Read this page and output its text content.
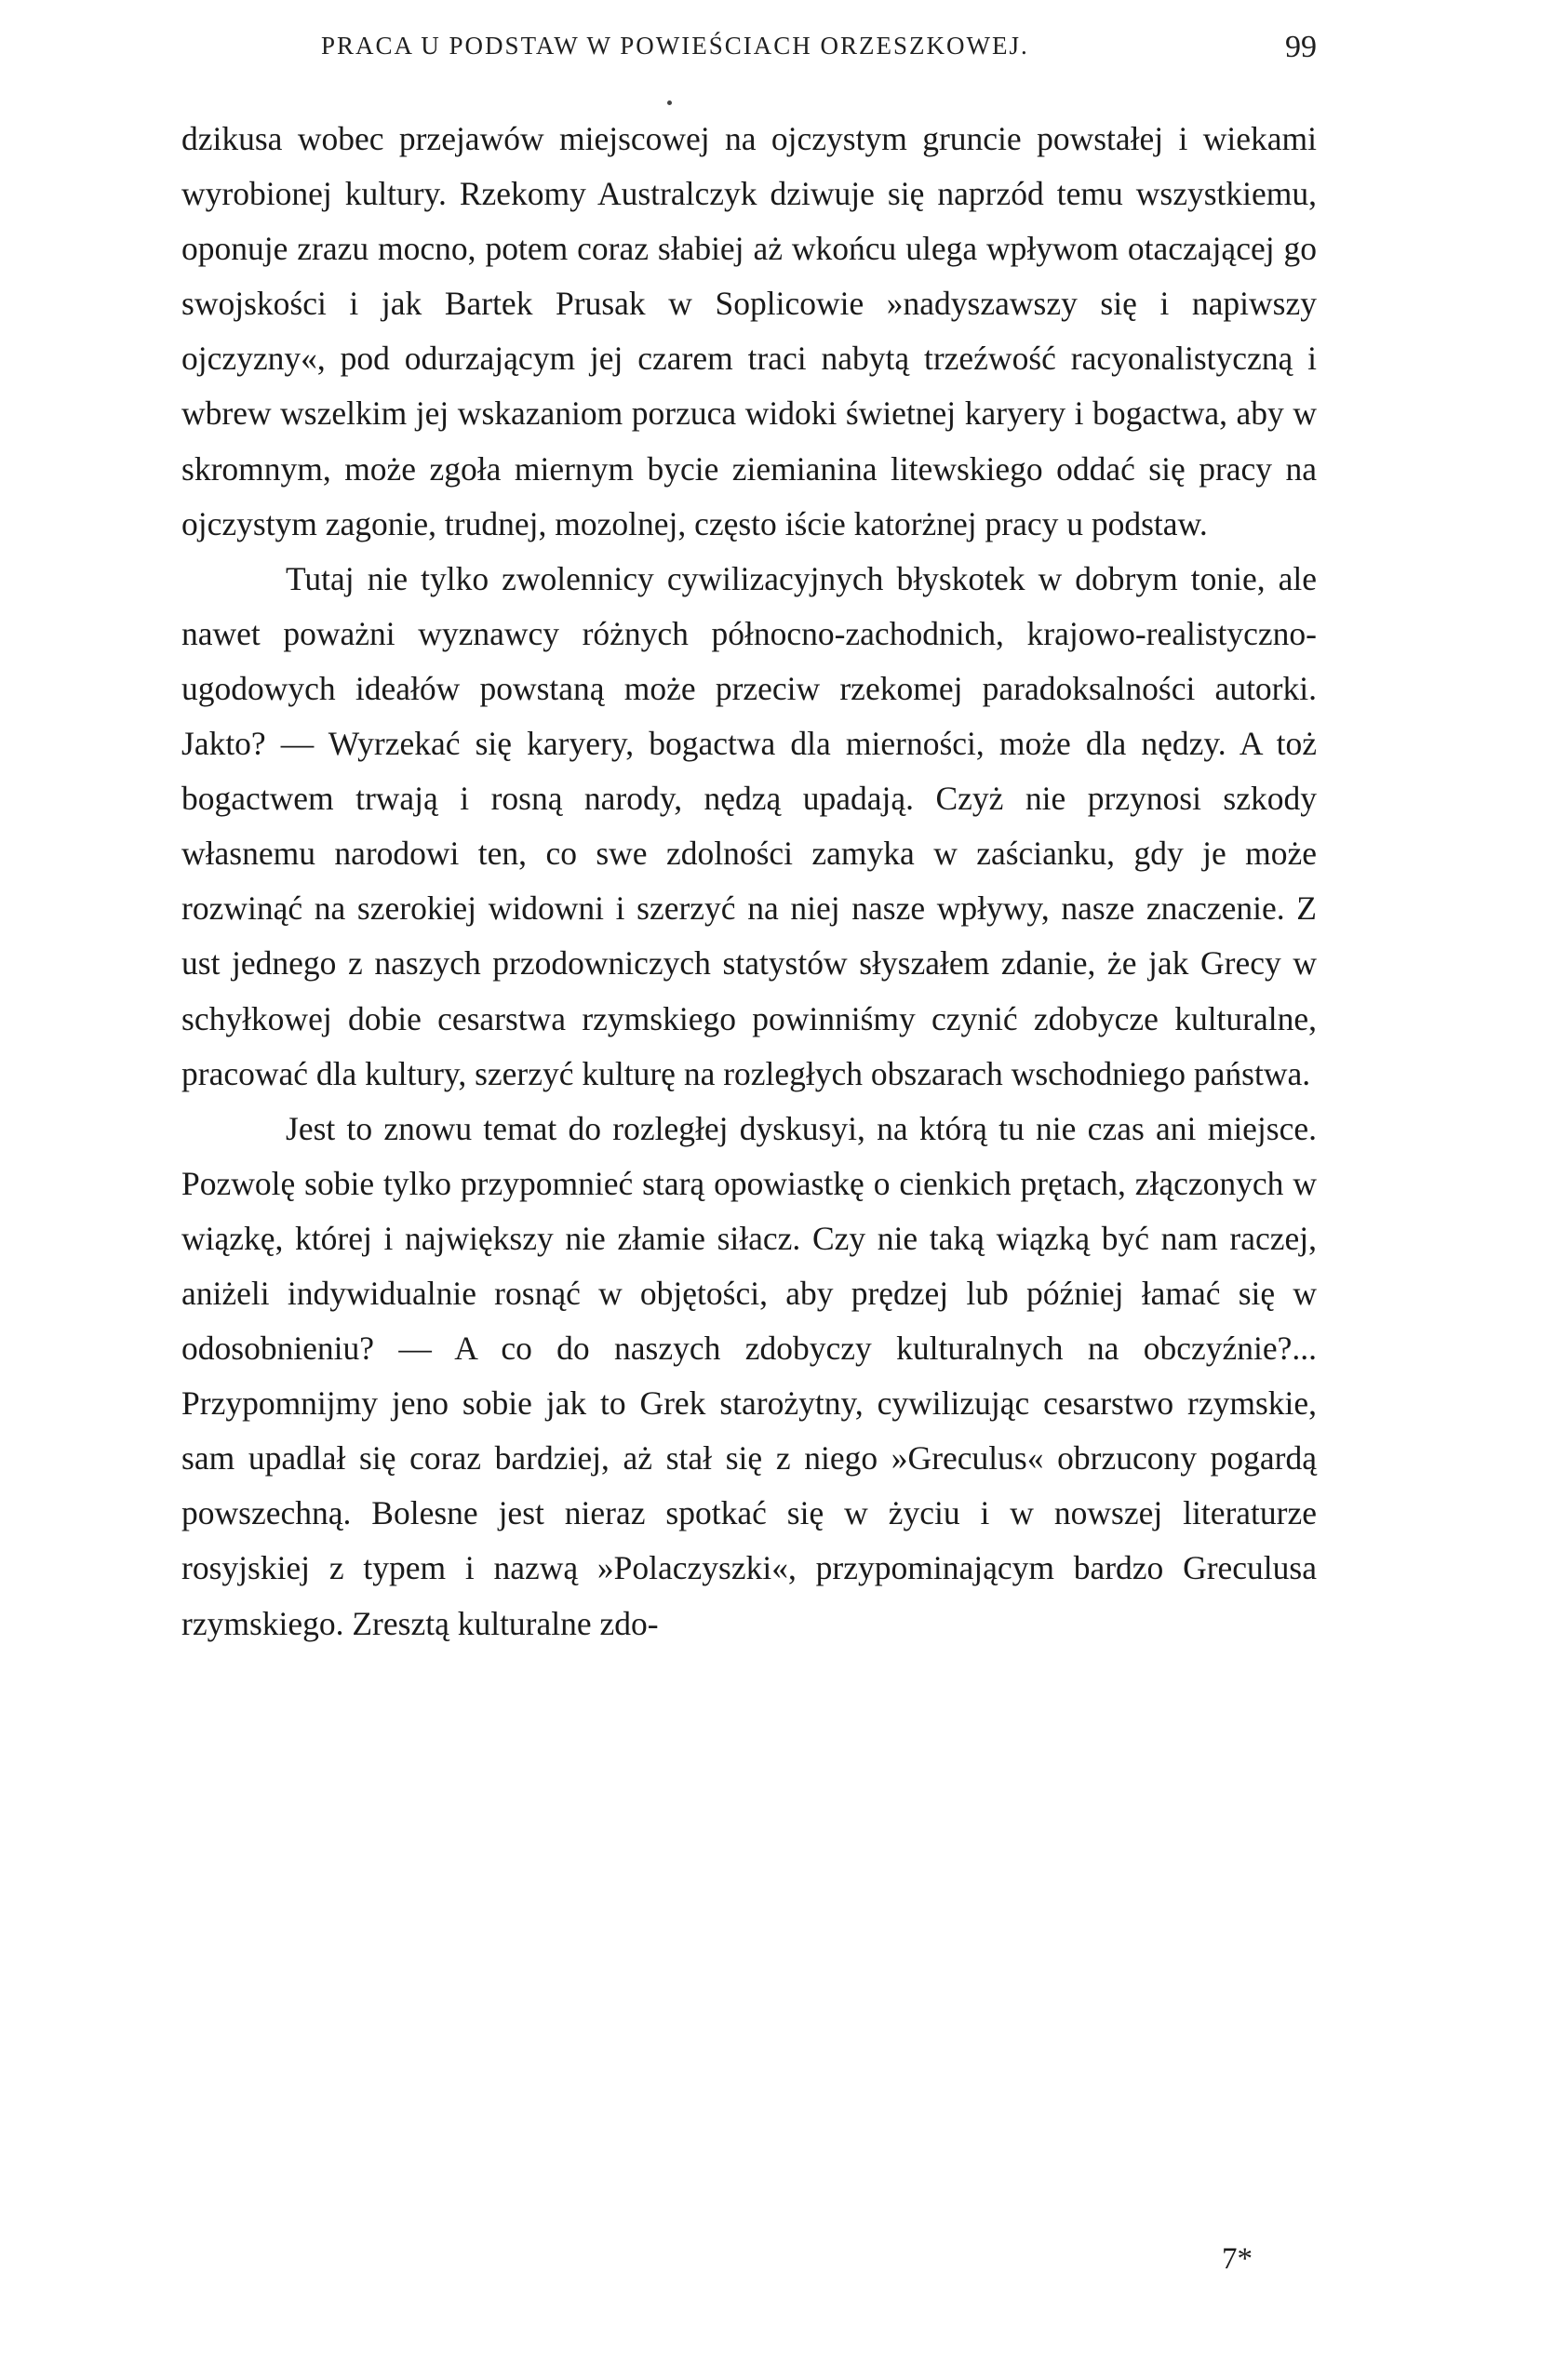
PRACA U PODSTAW W POWIEŚCIACH ORZESZKOWEJ.	99

dzikusa wobec przejawów miejscowej na ojczystym gruncie powstałej i wiekami wyrobionej kultury. Rzekomy Australczyk dziwuje się naprzód temu wszystkiemu, oponuje zrazu mocno, potem coraz słabiej aż wkońcu ulega wpływom otaczającej go swojskości i jak Bartek Prusak w Soplicowie »nadyszawszy się i napiwszy ojczyzny«, pod odurzającym jej czarem traci nabytą trzeźwość racyonalistyczną i wbrew wszelkim jej wskazaniom porzuca widoki świetnej karyery i bogactwa, aby w skromnym, może zgoła miernym bycie ziemianina litewskiego oddać się pracy na ojczystym zagonie, trudnej, mozolnej, często iście katorżnej pracy u podstaw.

Tutaj nie tylko zwolennicy cywilizacyjnych błyskotek w dobrym tonie, ale nawet poważni wyznawcy różnych północno-zachodnich, krajowo-realistyczno-ugodowych ideałów powstaną może przeciw rzekomej paradoksalności autorki. Jakto? — Wyrzekać się karyery, bogactwa dla mierności, może dla nędzy. A toż bogactwem trwają i rosną narody, nędzą upadają. Czyż nie przynosi szkody własnemu narodowi ten, co swe zdolności zamyka w zaścianku, gdy je może rozwinąć na szerokiej widowni i szerzyć na niej nasze wpływy, nasze znaczenie. Z ust jednego z naszych przodowniczych statystów słyszałem zdanie, że jak Grecy w schyłkowej dobie cesarstwa rzymskiego powinniśmy czynić zdobycze kulturalne, pracować dla kultury, szerzyć kulturę na rozległych obszarach wschodniego państwa.

Jest to znowu temat do rozległej dyskusyi, na którą tu nie czas ani miejsce. Pozwolę sobie tylko przypomnieć starą opowiastkę o cienkich prętach, złączonych w wiązkę, której i największy nie złamie siłacz. Czy nie taką wiązką być nam raczej, aniżeli indywidualnie rosnąć w objętości, aby prędzej lub później łamać się w odosobnieniu? — A co do naszych zdobyczy kulturalnych na obczyźnie?... Przypomnijmy jeno sobie jak to Grek starożytny, cywilizując cesarstwo rzymskie, sam upadlał się coraz bardziej, aż stał się z niego »Greculus« obrzucony pogardą powszechną. Bolesne jest nieraz spotkać się w życiu i w nowszej literaturze rosyjskiej z typem i nazwą »Polaczyszki«, przypominającym bardzo Greculusa rzymskiego. Zresztą kulturalne zdo-

7*
